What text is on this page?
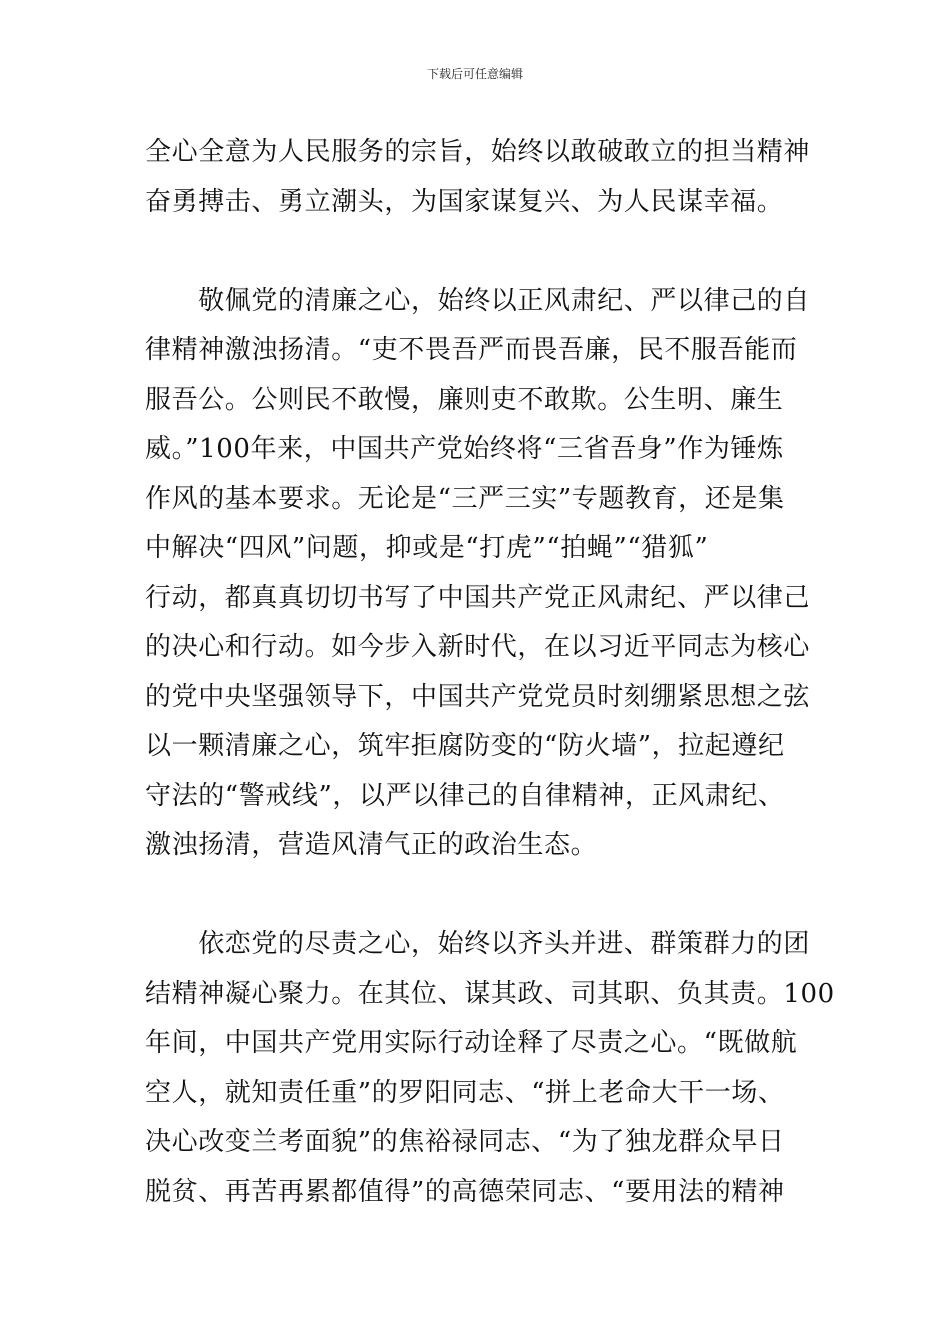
下载后可任意编辑
全心全意为人民服务的宗旨，始终以敢破敢立的担当精神
奋勇搏击、勇立潮头，为国家谋复兴、为人民谋幸福。
　　敬佩党的清廉之心，始终以正风肃纪、严以律己的自
律精神激浊扬清。“吏不畏吾严而畏吾廉，民不服吾能而
服吾公。公则民不敢慢，廉则吏不敢欺。公生明、廉生
威。”100年来，中国共产党始终将“三省吾身”作为锤炼
作风的基本要求。无论是“三严三实”专题教育，还是集
中解决“四风”问题，抑或是“打虎”“拍蝇”“猎狐”
行动，都真真切切书写了中国共产党正风肃纪、严以律己
的决心和行动。如今步入新时代，在以习近平同志为核心
的党中央坚强领导下，中国共产党党员时刻绷紧思想之弦
以一颗清廉之心，筑牢拒腐防变的“防火墙”，拉起遵纪
守法的“警戒线”，以严以律己的自律精神，正风肃纪、
激浊扬清，营造风清气正的政治生态。
　　依恋党的尽责之心，始终以齐头并进、群策群力的团
结精神凝心聚力。在其位、谋其政、司其职、负其责。100
年间，中国共产党用实际行动诠释了尽责之心。“既做航
空人，就知责任重”的罗阳同志、“拼上老命大干一场、
决心改变兰考面貌”的焦裕禄同志、“为了独龙群众早日
脱贫、再苦再累都值得”的高德荣同志、“要用法的精神
